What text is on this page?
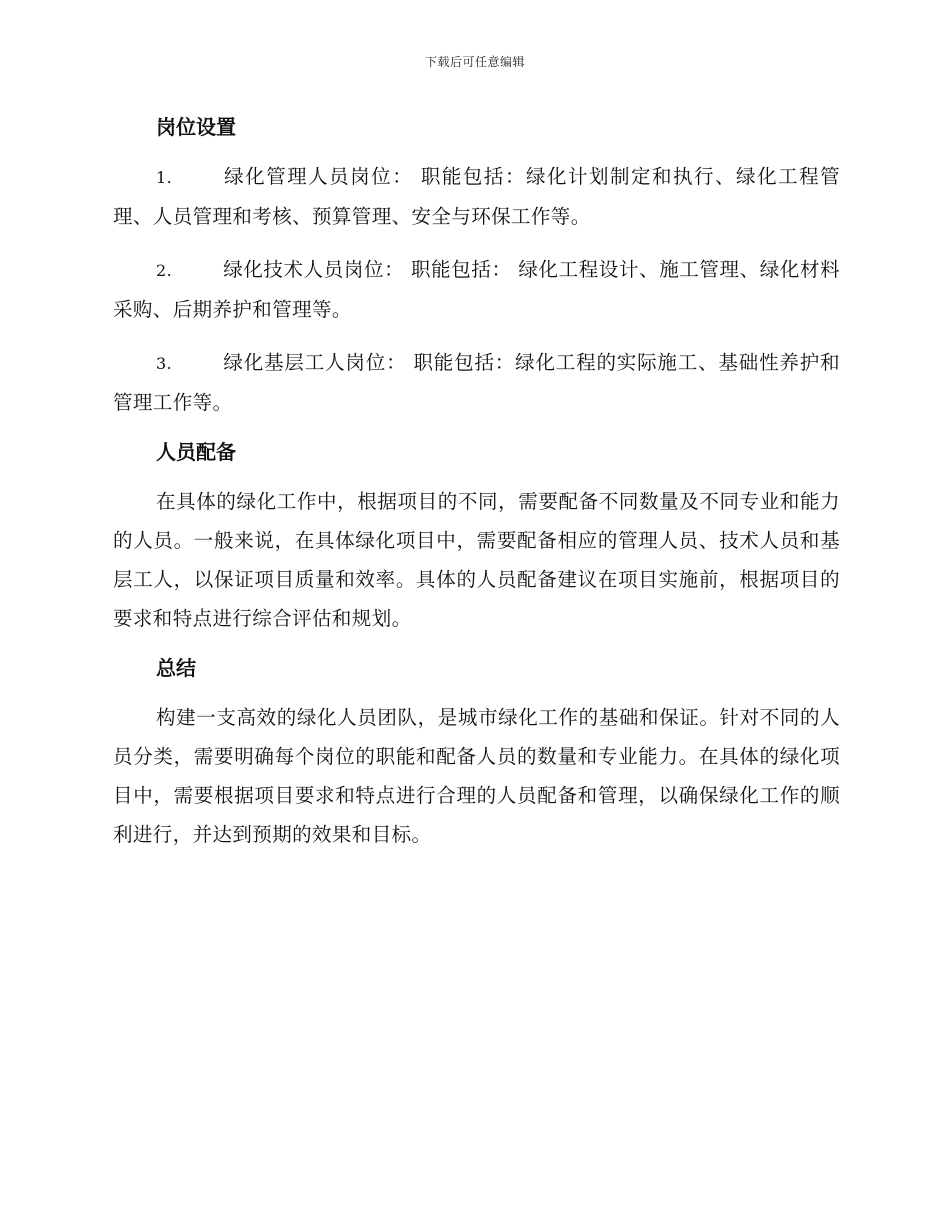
下载后可任意编辑
岗位设置
1.	绿化管理人员岗位： 职能包括：绿化计划制定和执行、绿化工程管理、人员管理和考核、预算管理、安全与环保工作等。
2.	绿化技术人员岗位： 职能包括： 绿化工程设计、施工管理、绿化材料采购、后期养护和管理等。
3.	绿化基层工人岗位： 职能包括：绿化工程的实际施工、基础性养护和管理工作等。
人员配备
在具体的绿化工作中，根据项目的不同，需要配备不同数量及不同专业和能力的人员。一般来说，在具体绿化项目中，需要配备相应的管理人员、技术人员和基层工人，以保证项目质量和效率。具体的人员配备建议在项目实施前，根据项目的要求和特点进行综合评估和规划。
总结
构建一支高效的绿化人员团队，是城市绿化工作的基础和保证。针对不同的人员分类，需要明确每个岗位的职能和配备人员的数量和专业能力。在具体的绿化项目中，需要根据项目要求和特点进行合理的人员配备和管理，以确保绿化工作的顺利进行，并达到预期的效果和目标。
